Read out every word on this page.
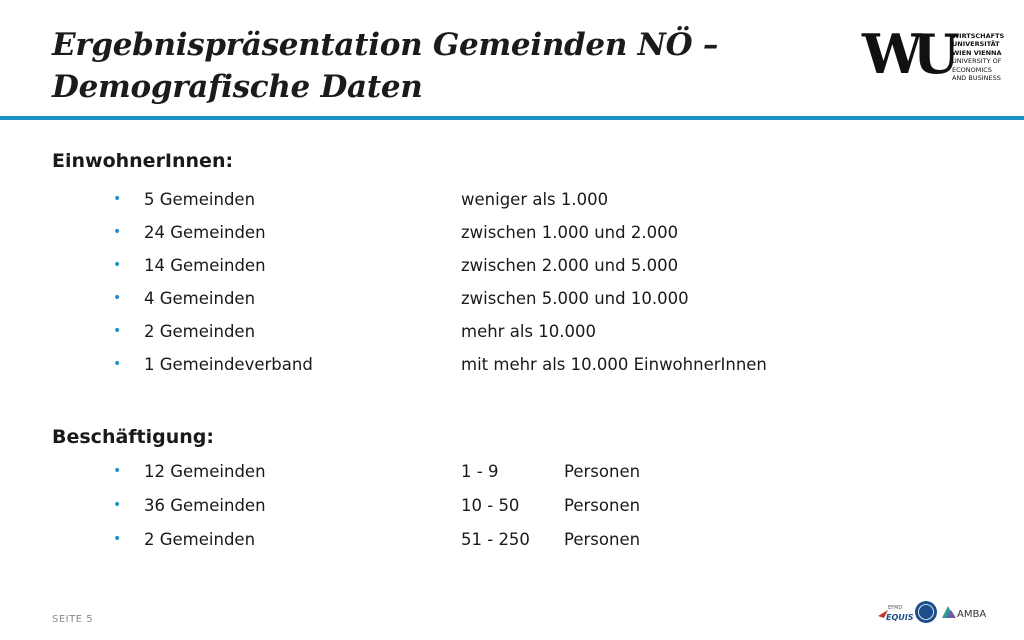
Ergebnispräsentation Gemeinden NÖ –
Demografische Daten
WU WIRTSCHAFTS
UNIVERSITÄT
WIEN VIENNA
UNIVERSITY OF
ECONOMICS
AND BUSINESS
EinwohnerInnen:
• 5 Gemeinden	weniger als 1.000
• 24 Gemeinden	zwischen 1.000 und 2.000
• 14 Gemeinden	zwischen 2.000 und 5.000
• 4 Gemeinden	zwischen 5.000 und 10.000
• 2 Gemeinden	mehr als 10.000
• 1 Gemeindeverband	mit mehr als 10.000 EinwohnerInnen
Beschäftigung:
• 12 Gemeinden	1 - 9	Personen
• 36 Gemeinden	10 - 50	Personen
• 2 Gemeinden	51 - 250 Personen
SEITE 5
EFMD
EQUIS	AMBA
